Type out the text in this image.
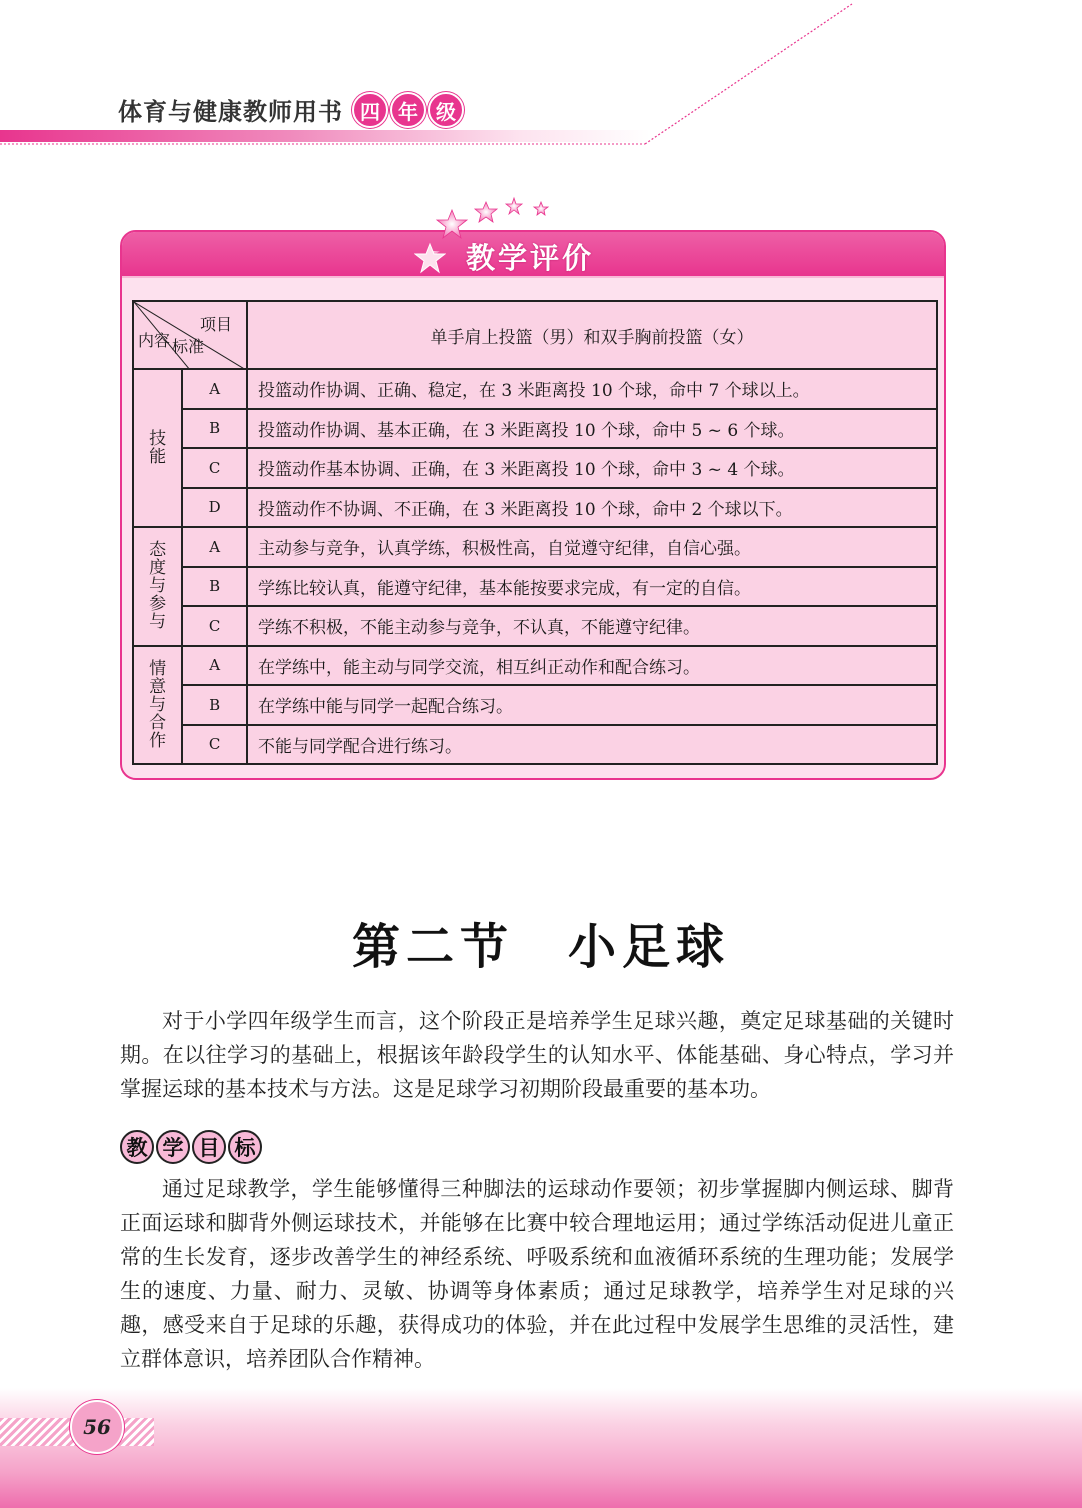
体育与健康教师用书 四 年 级
教学评价
项目
标准
内容		单手肩上投篮（男）和双手胸前投篮（女）
技能	A	投篮动作协调、正确、稳定，在 3 米距离投 10 个球，命中 7 个球以上。
	B	投篮动作协调、基本正确，在 3 米距离投 10 个球，命中 5 ~ 6 个球。
	C	投篮动作基本协调、正确，在 3 米距离投 10 个球，命中 3 ~ 4 个球。
	D	投篮动作不协调、不正确，在 3 米距离投 10 个球，命中 2 个球以下。
态度与参与	A	主动参与竞争，认真学练，积极性高，自觉遵守纪律，自信心强。
	B	学练比较认真，能遵守纪律，基本能按要求完成，有一定的自信。
	C	学练不积极，不能主动参与竞争，不认真，不能遵守纪律。
情意与合作	A	在学练中，能主动与同学交流，相互纠正动作和配合练习。
	B	在学练中能与同学一起配合练习。
	C	不能与同学配合进行练习。
第二节　小足球

对于小学四年级学生而言，这个阶段正是培养学生足球兴趣，奠定足球基础的关键时期。在以往学习的基础上，根据该年龄段学生的认知水平、体能基础、身心特点，学习并掌握运球的基本技术与方法。这是足球学习初期阶段最重要的基本功。

教 学 目 标

通过足球教学，学生能够懂得三种脚法的运球动作要领；初步掌握脚内侧运球、脚背正面运球和脚背外侧运球技术，并能够在比赛中较合理地运用；通过学练活动促进儿童正常的生长发育，逐步改善学生的神经系统、呼吸系统和血液循环系统的生理功能；发展学生的速度、力量、耐力、灵敏、协调等身体素质；通过足球教学，培养学生对足球的兴趣，感受来自于足球的乐趣，获得成功的体验，并在此过程中发展学生思维的灵活性，建立群体意识，培养团队合作精神。

56
